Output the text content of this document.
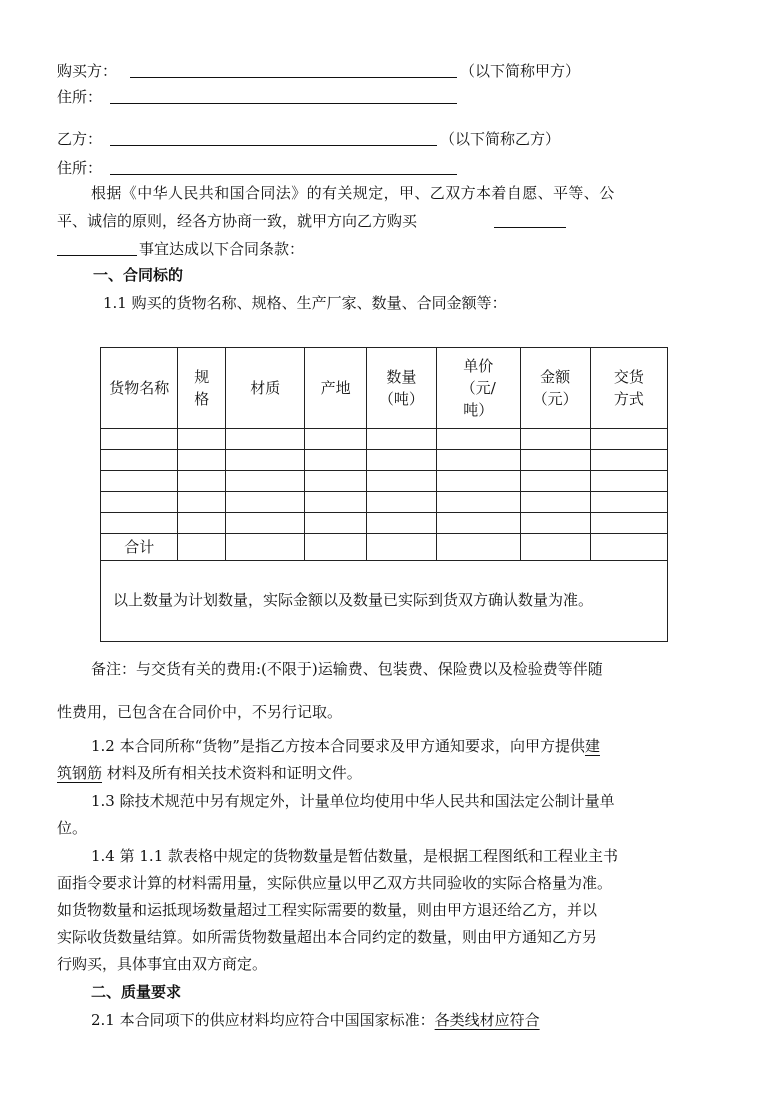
购买方：	（以下简称甲方）
住所：
乙方：	（以下简称乙方）
住所：
根据《中华人民共和国合同法》的有关规定，甲、乙双方本着自愿、平等、公
平、诚信的原则，经各方协商一致，就甲方向乙方购买
事宜达成以下合同条款：
一、合同标的
1.1 购买的货物名称、规格、生产厂家、数量、合同金额等：
货物名称	规格	材质	产地	数量（吨）	单价（元/吨）	金额（元）	交货方式

合计							
以上数量为计划数量，实际金额以及数量已实际到货双方确认数量为准。							
备注：与交货有关的费用:(不限于)运输费、包装费、保险费以及检验费等伴随
性费用，已包含在合同价中，不另行记取。
1.2 本合同所称“货物”是指乙方按本合同要求及甲方通知要求，向甲方提供建
筑钢筋 材料及所有相关技术资料和证明文件。
1.3 除技术规范中另有规定外，计量单位均使用中华人民共和国法定公制计量单
位。
1.4 第 1.1 款表格中规定的货物数量是暂估数量，是根据工程图纸和工程业主书
面指令要求计算的材料需用量，实际供应量以甲乙双方共同验收的实际合格量为准。
如货物数量和运抵现场数量超过工程实际需要的数量，则由甲方退还给乙方，并以
实际收货数量结算。如所需货物数量超出本合同约定的数量，则由甲方通知乙方另
行购买，具体事宜由双方商定。
二、质量要求
2.1 本合同项下的供应材料均应符合中国国家标准：各类线材应符合
